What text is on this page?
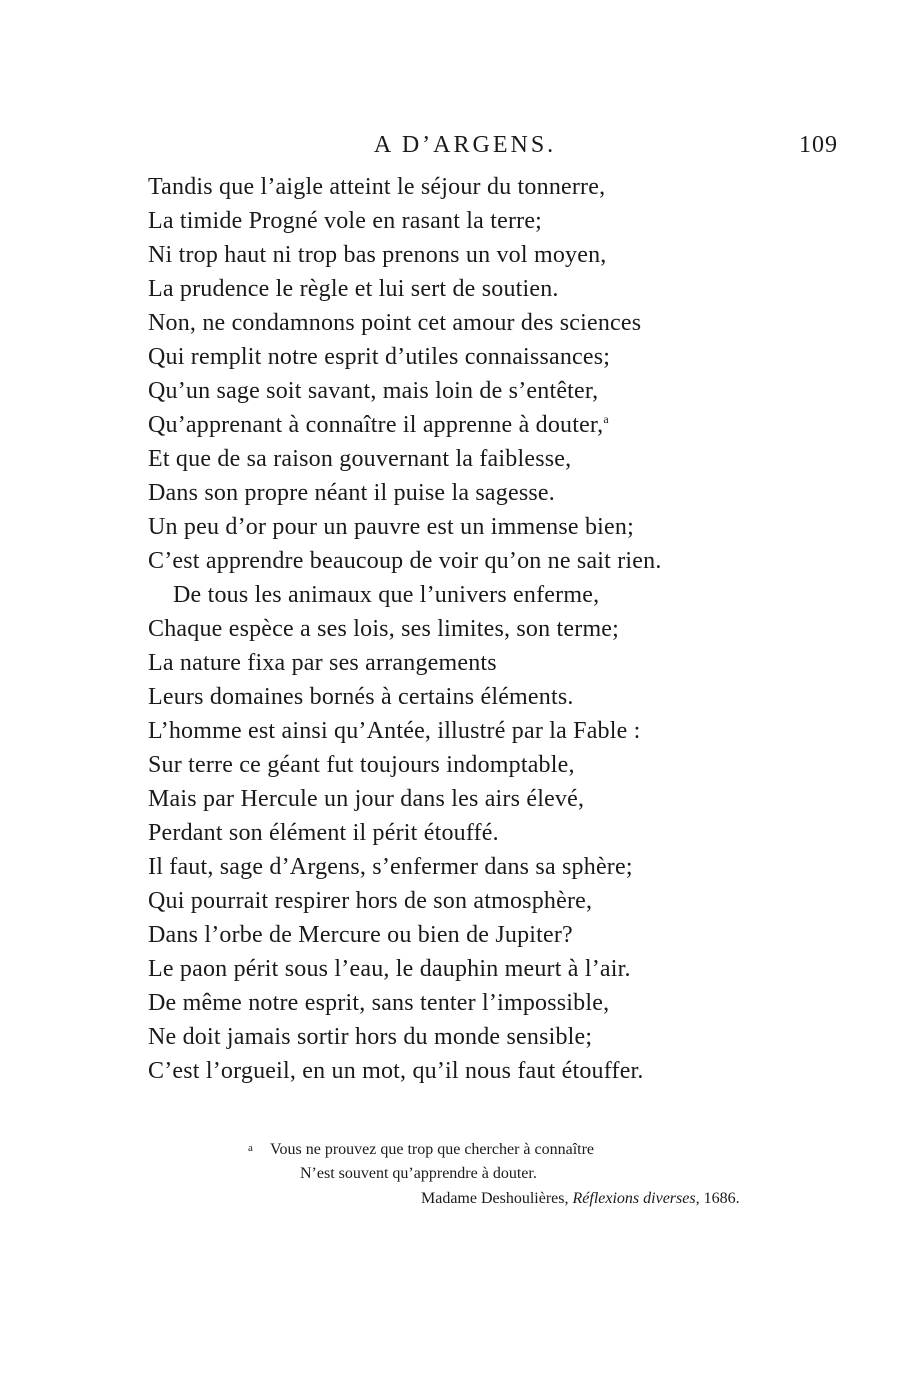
A D’ARGENS.	109
Tandis que l’aigle atteint le séjour du tonnerre,
La timide Progné vole en rasant la terre;
Ni trop haut ni trop bas prenons un vol moyen,
La prudence le règle et lui sert de soutien.
Non, ne condamnons point cet amour des sciences
Qui remplit notre esprit d’utiles connaissances;
Qu’un sage soit savant, mais loin de s’entêter,
Qu’apprenant à connaître il apprenne à douter,$^a$
Et que de sa raison gouvernant la faiblesse,
Dans son propre néant il puise la sagesse.
Un peu d’or pour un pauvre est un immense bien;
C’est apprendre beaucoup de voir qu’on ne sait rien.
De tous les animaux que l’univers enferme,
Chaque espèce a ses lois, ses limites, son terme;
La nature fixa par ses arrangements
Leurs domaines bornés à certains éléments.
L’homme est ainsi qu’Antée, illustré par la Fable :
Sur terre ce géant fut toujours indomptable,
Mais par Hercule un jour dans les airs élevé,
Perdant son élément il périt étouffé.
Il faut, sage d’Argens, s’enfermer dans sa sphère;
Qui pourrait respirer hors de son atmosphère,
Dans l’orbe de Mercure ou bien de Jupiter?
Le paon périt sous l’eau, le dauphin meurt à l’air.
De même notre esprit, sans tenter l’impossible,
Ne doit jamais sortir hors du monde sensible;
C’est l’orgueil, en un mot, qu’il nous faut étouffer.
a Vous ne prouvez que trop que chercher à connaître
N’est souvent qu’apprendre à douter.
Madame Deshoulières, Réflexions diverses, 1686.
